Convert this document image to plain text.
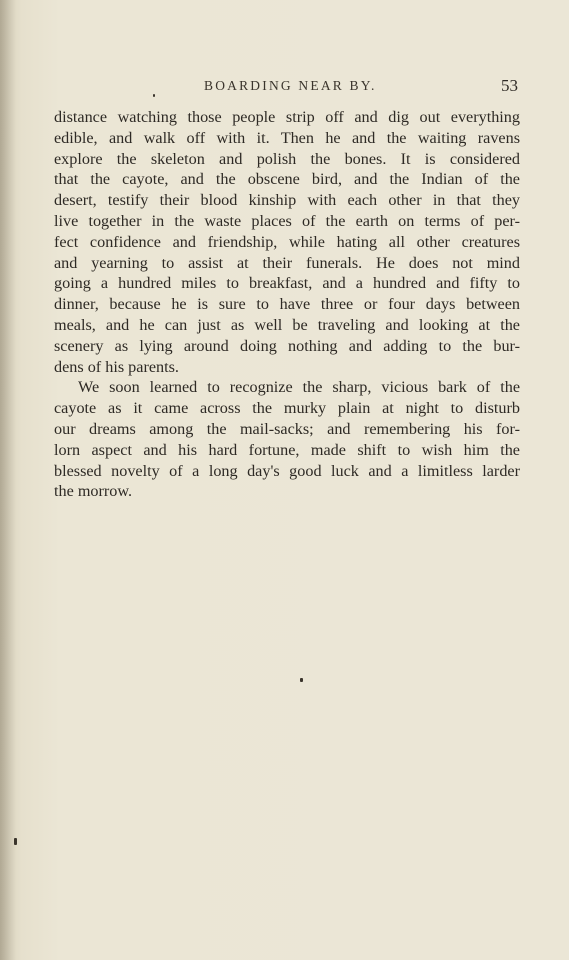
BOARDING NEAR BY.	53
distance watching those people strip off and dig out everything
edible, and walk off with it. Then he and the waiting ravens
explore the skeleton and polish the bones. It is considered
that the cayote, and the obscene bird, and the Indian of the
desert, testify their blood kinship with each other in that they
live together in the waste places of the earth on terms of per-
fect confidence and friendship, while hating all other creatures
and yearning to assist at their funerals. He does not mind
going a hundred miles to breakfast, and a hundred and fifty to
dinner, because he is sure to have three or four days between
meals, and he can just as well be traveling and looking at the
scenery as lying around doing nothing and adding to the bur-
dens of his parents.
We soon learned to recognize the sharp, vicious bark of the
cayote as it came across the murky plain at night to disturb
our dreams among the mail-sacks; and remembering his for-
lorn aspect and his hard fortune, made shift to wish him the
blessed novelty of a long day's good luck and a limitless larder
the morrow.
